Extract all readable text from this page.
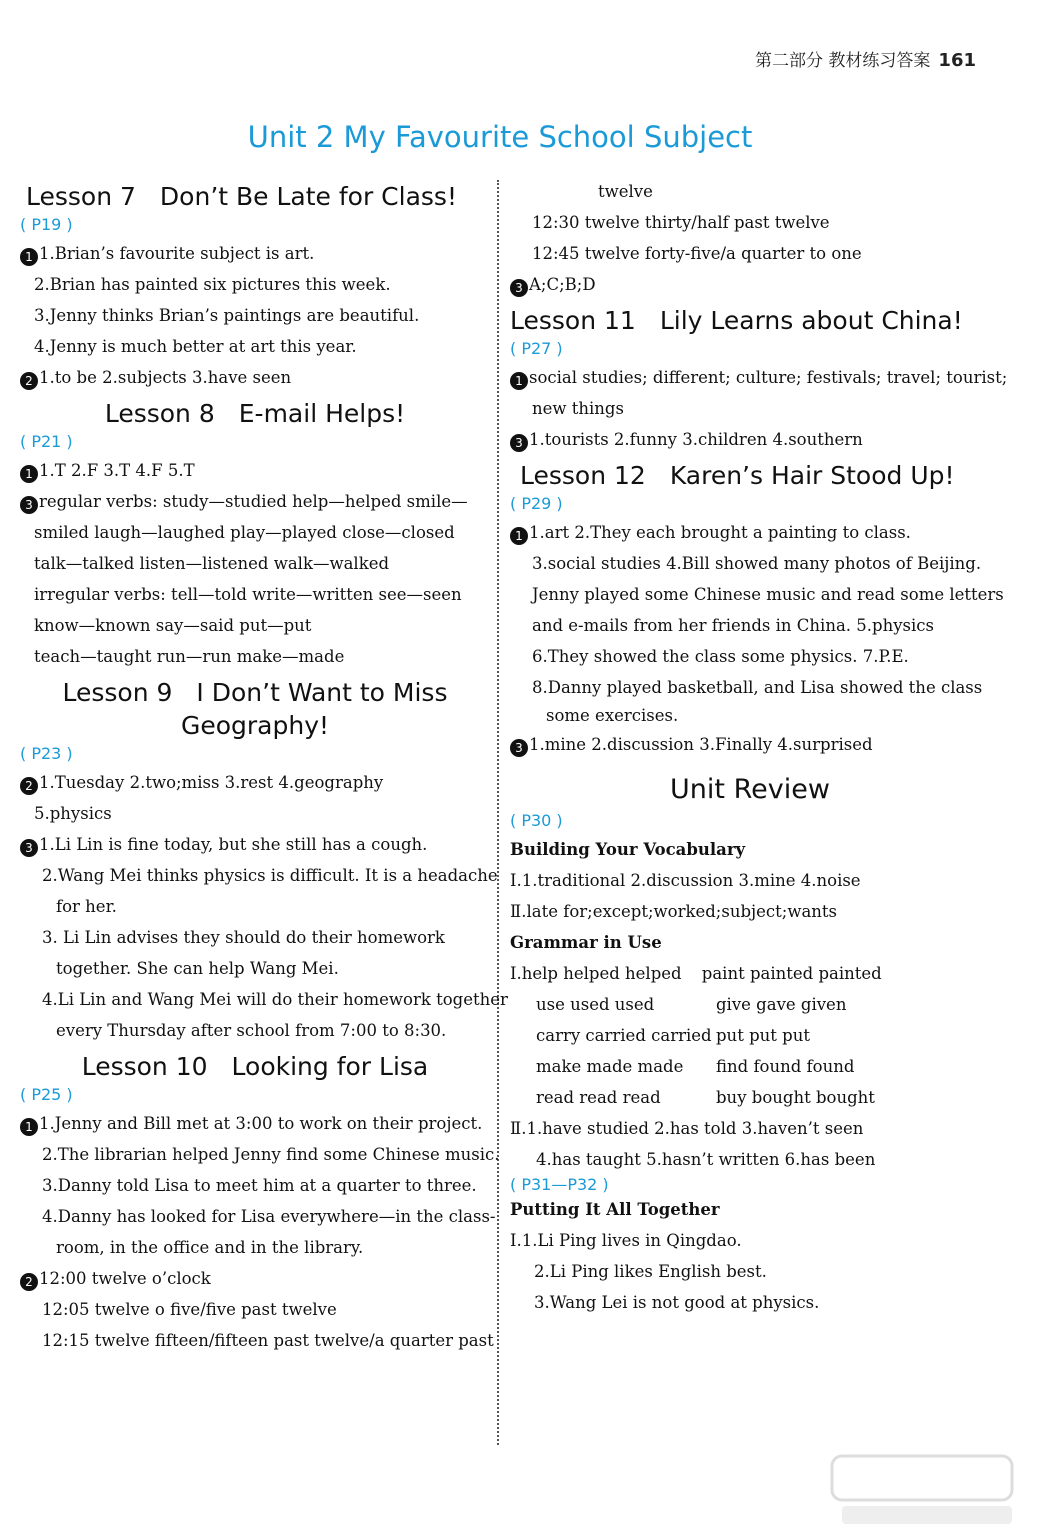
第二部分 教材练习答案 161
Unit 2 My Favourite School Subject
Lesson 7 Don’t Be Late for Class!
( P19 )
1 1.Brian’s favourite subject is art.
2.Brian has painted six pictures this week.
3.Jenny thinks Brian’s paintings are beautiful.
4.Jenny is much better at art this year.
2 1.to be 2.subjects 3.have seen
Lesson 8 E-mail Helps!
( P21 )
1 1.T 2.F 3.T 4.F 5.T
3 regular verbs: study—studied help—helped smile—
smiled laugh—laughed play—played close—closed
talk—talked listen—listened walk—walked
irregular verbs: tell—told write—written see—seen
know—known say—said put—put
teach—taught run—run make—made
Lesson 9 I Don’t Want to Miss
Geography!
( P23 )
2 1.Tuesday 2.two;miss 3.rest 4.geography
5.physics
3 1.Li Lin is fine today, but she still has a cough.
2.Wang Mei thinks physics is difficult. It is a headache
for her.
3. Li Lin advises they should do their homework
together. She can help Wang Mei.
4.Li Lin and Wang Mei will do their homework together
every Thursday after school from 7:00 to 8:30.
Lesson 10 Looking for Lisa
( P25 )
1 1.Jenny and Bill met at 3:00 to work on their project.
2.The librarian helped Jenny find some Chinese music.
3.Danny told Lisa to meet him at a quarter to three.
4.Danny has looked for Lisa everywhere—in the class-
room, in the office and in the library.
2 12:00 twelve o’clock
12:05 twelve o five/five past twelve
12:15 twelve fifteen/fifteen past twelve/a quarter past
twelve
12:30 twelve thirty/half past twelve
12:45 twelve forty-five/a quarter to one
3 A;C;B;D
Lesson 11 Lily Learns about China!
( P27 )
1 social studies; different; culture; festivals; travel; tourist;
new things
3 1.tourists 2.funny 3.children 4.southern
Lesson 12 Karen’s Hair Stood Up!
( P29 )
1 1.art 2.They each brought a painting to class.
3.social studies 4.Bill showed many photos of Beijing.
Jenny played some Chinese music and read some letters
and e-mails from her friends in China. 5.physics
6.They showed the class some physics. 7.P.E.
8.Danny played basketball, and Lisa showed the class
some exercises.
3 1.mine 2.discussion 3.Finally 4.surprised
Unit Review
( P30 )
Building Your Vocabulary
Ⅰ.1.traditional 2.discussion 3.mine 4.noise
Ⅱ.late for;except;worked;subject;wants
Grammar in Use
Ⅰ.help helped helped paint painted painted
use used used	give gave given
carry carried carried put put put
make made made find found found
read read read	buy bought bought
Ⅱ.1.have studied 2.has told 3.haven’t seen
4.has taught 5.hasn’t written 6.has been
( P31—P32 )
Putting It All Together
Ⅰ.1.Li Ping lives in Qingdao.
2.Li Ping likes English best.
3.Wang Lei is not good at physics.
